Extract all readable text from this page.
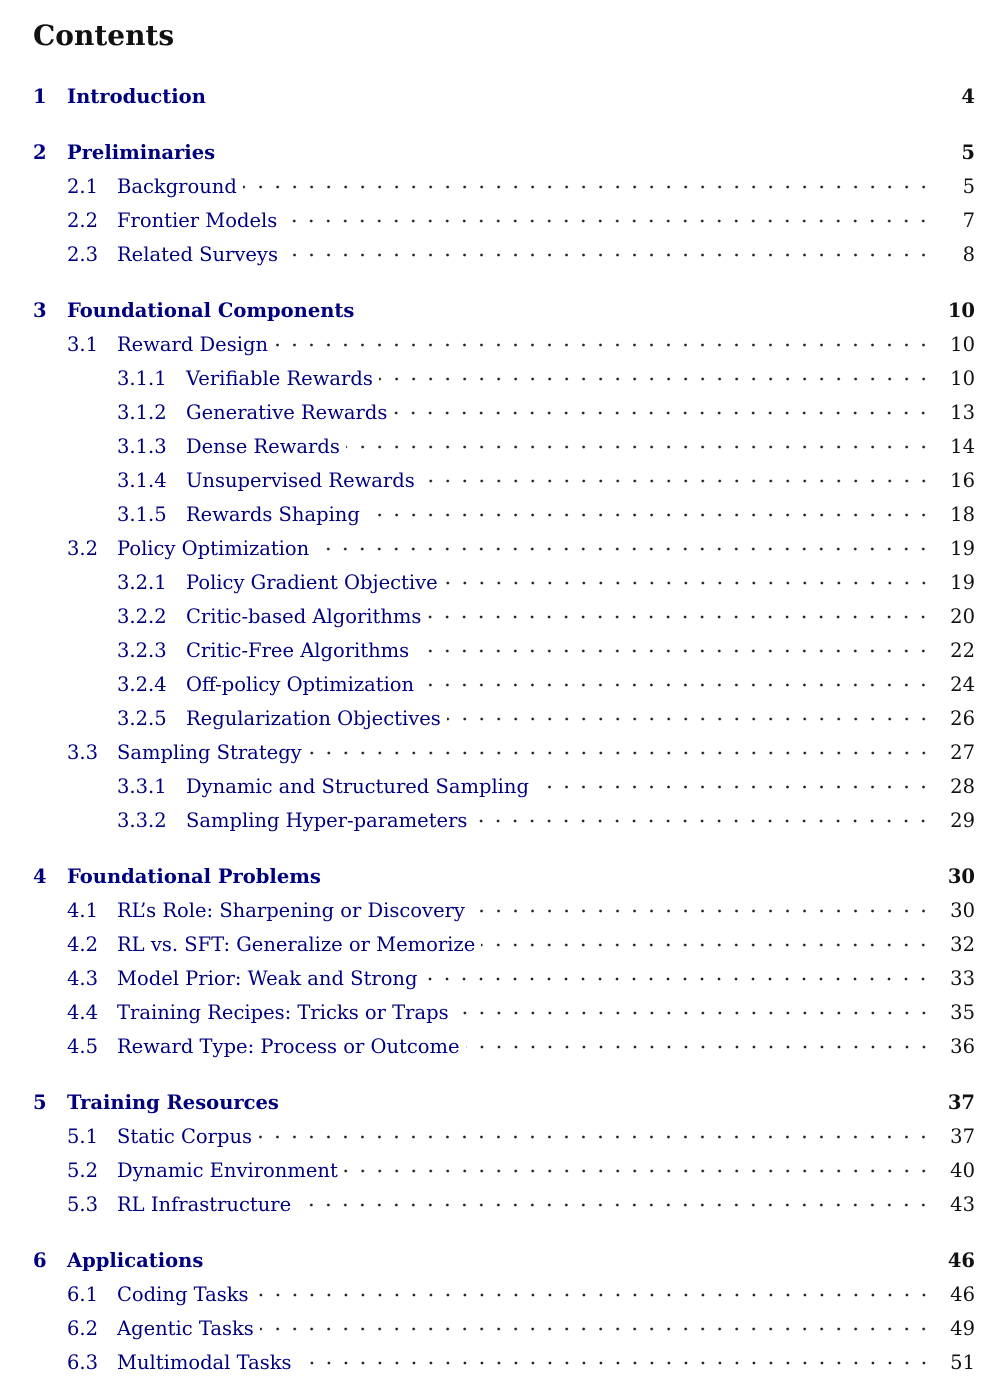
Contents
1 Introduction	4
2 Preliminaries	5
2.1 Background	5
2.2 Frontier Models	7
2.3 Related Surveys	8
3 Foundational Components	10
3.1 Reward Design	10
3.1.1 Verifiable Rewards	10
3.1.2 Generative Rewards	13
3.1.3 Dense Rewards	14
3.1.4 Unsupervised Rewards	16
3.1.5 Rewards Shaping	18
3.2 Policy Optimization	19
3.2.1 Policy Gradient Objective	19
3.2.2 Critic-based Algorithms	20
3.2.3 Critic-Free Algorithms	22
3.2.4 Off-policy Optimization	24
3.2.5 Regularization Objectives	26
3.3 Sampling Strategy	27
3.3.1 Dynamic and Structured Sampling	28
3.3.2 Sampling Hyper-parameters	29
4 Foundational Problems	30
4.1 RL’s Role: Sharpening or Discovery	30
4.2 RL vs. SFT: Generalize or Memorize	32
4.3 Model Prior: Weak and Strong	33
4.4 Training Recipes: Tricks or Traps	35
4.5 Reward Type: Process or Outcome	36
5 Training Resources	37
5.1 Static Corpus	37
5.2 Dynamic Environment	40
5.3 RL Infrastructure	43
6 Applications	46
6.1 Coding Tasks	46
6.2 Agentic Tasks	49
6.3 Multimodal Tasks	51
